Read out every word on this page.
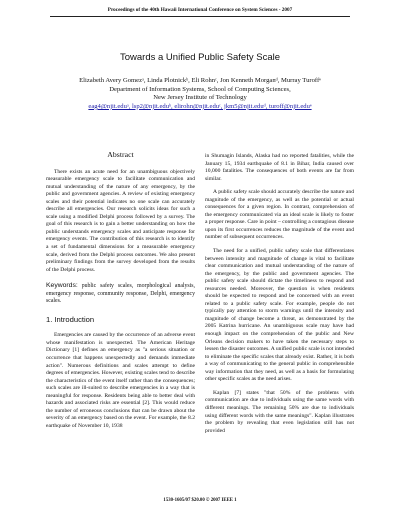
Proceedings of the 40th Hawaii International Conference on System Sciences - 2007
Towards a Unified Public Safety Scale
Elizabeth Avery Gomezᵃ, Linda Plotnickᵇ, Eli Rohnᶜ, Jon Kenneth Morganᵈ, Murray Turoffᵉ
Department of Information Systems, School of Computing Sciences,
New Jersey Institute of Technology
eag4@njit.eduᵃ, lsp2@njit.eduᵇ, elirohn@njit.eduᶜ, jkm5@njit.eduᵈ, turoff@njit.eduᵉ
Abstract

There exists an acute need for an unambiguous objectively measurable emergency scale to facilitate communication and mutual understanding of the nature of any emergency, by the public and government agencies. A review of existing emergency scales and their potential indicates no one scale can accurately describe all emergencies. Our research solicits ideas for such a scale using a modified Delphi process followed by a survey. The goal of this research is to gain a better understanding on how the public understands emergency scales and anticipate response for emergency events. The contribution of this research is to identify a set of fundamental dimensions for a measurable emergency scale, derived from the Delphi process outcomes. We also present preliminary findings from the survey developed from the results of the Delphi process.

Keywords: public safety scales, morphological analysis, emergency response, community response, Delphi, emergency scales.

1. Introduction

Emergencies are caused by the occurrence of an adverse event whose manifestation is unexpected. The American Heritage Dictionary [1] defines an emergency as "a serious situation or occurrence that happens unexpectedly and demands immediate action". Numerous definitions and scales attempt to define degrees of emergencies. However, existing scales tend to describe the characteristics of the event itself rather than the consequences; such scales are ill-suited to describe emergencies in a way that is meaningful for response. Residents being able to better deal with hazards and associated risks are essential [2]. This would reduce the number of erroneous conclusions that can be drawn about the severity of an emergency based on the event. For example, the 8.2 earthquake of November 10, 1938

in Shumagin Islands, Alaska had no reported fatalities, while the January 15, 1934 earthquake of 8.1 in Bihar, India caused over 10,000 fatalities. The consequences of both events are far from similar.

A public safety scale should accurately describe the nature and magnitude of the emergency, as well as the potential or actual consequences for a given region. In contrast, comprehension of the emergency communicated via an ideal scale is likely to foster a proper response. Care in point – controlling a contagious disease upon its first occurrences reduces the magnitude of the event and number of subsequent occurrences.

The need for a unified, public safety scale that differentiates between intensity and magnitude of change is vital to facilitate clear communication and mutual understanding of the nature of the emergency, by the public and government agencies. The public safety scale should dictate the timeliness to respond and resources needed. Moreover, the question is when residents should be expected to respond and be concerned with an event related to a public safety scale. For example, people do not typically pay attention to storm warnings until the intensity and magnitude of change become a threat, as demonstrated by the 2005 Katrina hurricane. An unambiguous scale may have had enough impact on the comprehension of the public and New Orleans decision makers to have taken the necessary steps to lessen the disaster outcomes. A unified public scale is not intended to eliminate the specific scales that already exist. Rather, it is both a way of communicating to the general public in comprehensible way information that they need, as well as a basis for formulating other specific scales as the need arises.

Kaplan [7] states "that 50% of the problems with communication are due to individuals using the same words with different meanings. The remaining 50% are due to individuals using different words with the same meanings". Kaplan illustrates the problem by revealing that even legislation still has not provided

1530-1605/07 $20.00 © 2007 IEEE 1
